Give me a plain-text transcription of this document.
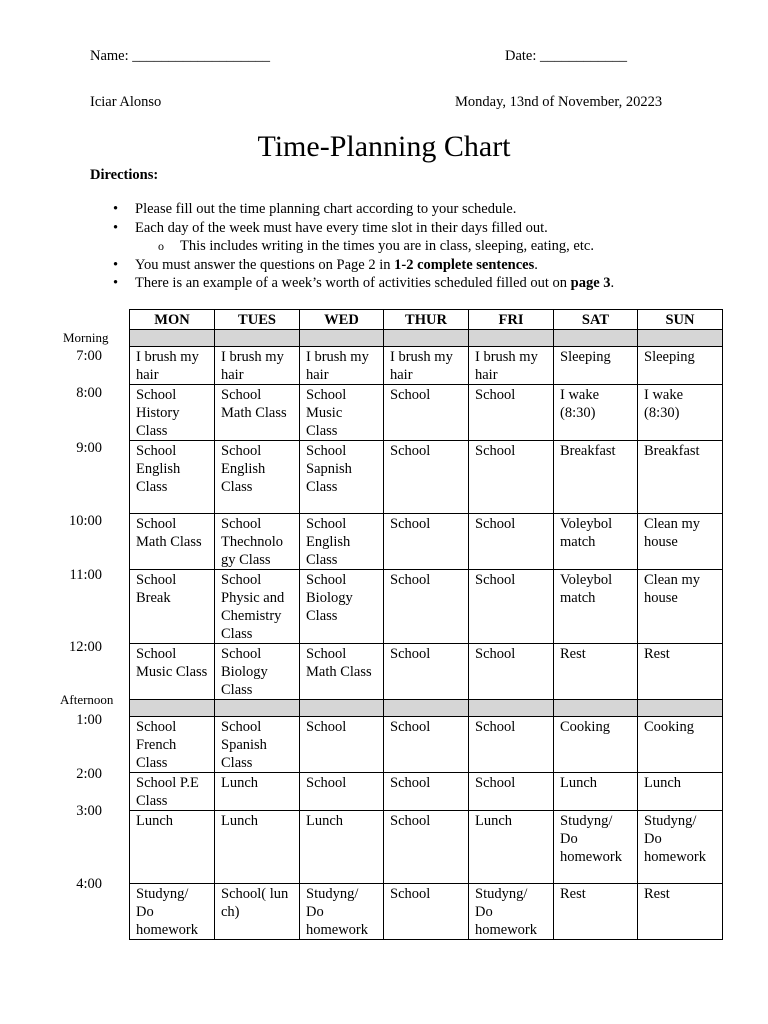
Name: ___________________	Date: ____________
Iciar Alonso	Monday, 13nd of November, 20223
Time-Planning Chart
Directions:
• Please fill out the time planning chart according to your schedule.
• Each day of the week must have every time slot in their days filled out.
o This includes writing in the times you are in class, sleeping, eating, etc.
• You must answer the questions on Page 2 in 1-2 complete sentences.
• There is an example of a week’s worth of activities scheduled filled out on page 3.
Morning
Afternoon
7:00
8:00
9:00
10:00
11:00
12:00
1:00
2:00
3:00
4:00
MON	TUES	WED	THUR	FRI	SAT	SUN

I brush my hair	I brush my hair	I brush my hair	I brush my hair	I brush my hair	Sleeping	Sleeping
School History Class	School Math Class	School Music Class	School	School	I wake (8:30)	I wake (8:30)
School English Class	School English Class	School Sapnish Class	School	School	Breakfast	Breakfast
School Math Class	School Thechnolo gy Class	School English Class	School	School	Voleybol match	Clean my house
School Break	School Physic and Chemistry Class	School Biology Class	School	School	Voleybol match	Clean my house
School Music Class	School Biology Class	School Math Class	School	School	Rest	Rest

School French Class	School Spanish Class	School	School	School	Cooking	Cooking
School P.E Class	Lunch	School	School	School	Lunch	Lunch
Lunch	Lunch	Lunch	School	Lunch	Studyng/ Do homework	Studyng/ Do homework
Studyng/ Do homework	School( lun ch)	Studyng/ Do homework	School	Studyng/ Do homework	Rest	Rest
